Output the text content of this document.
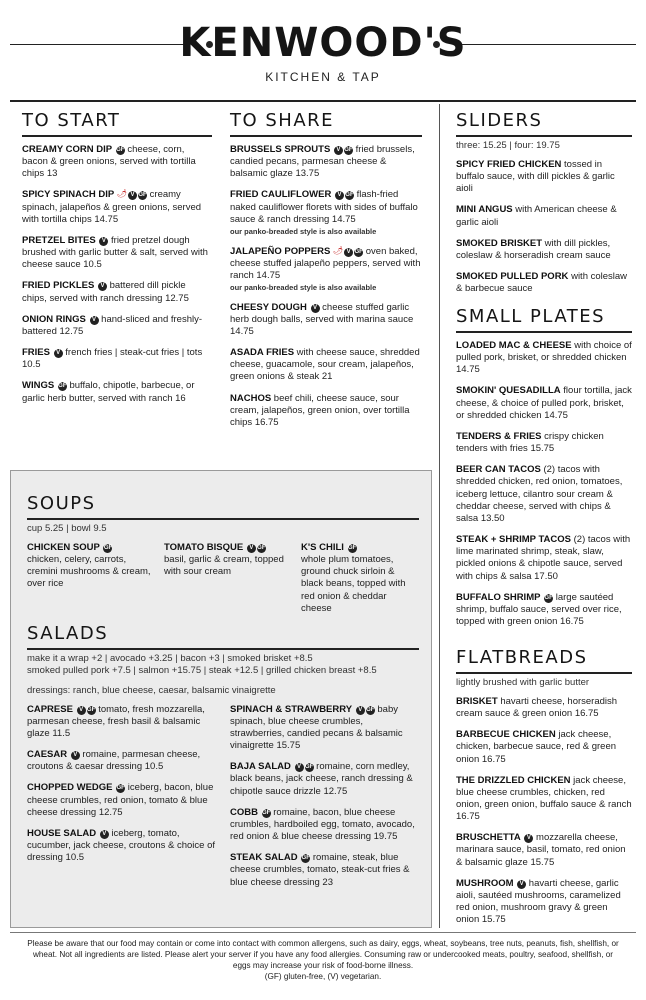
KENWOOD'S
KITCHEN & TAP
TO START
CREAMY CORN DIP GF cheese, corn, bacon & green onions, served with tortilla chips 13
SPICY SPINACH DIP 🌶 V GF creamy spinach, jalapeños & green onions, served with tortilla chips 14.75
PRETZEL BITES V fried pretzel dough brushed with garlic butter & salt, served with cheese sauce 10.5
FRIED PICKLES V battered dill pickle chips, served with ranch dressing 12.75
ONION RINGS V hand-sliced and freshly-battered 12.75
FRIES V french fries | steak-cut fries | tots 10.5
WINGS GF buffalo, chipotle, barbecue, or garlic herb butter, served with ranch 16
TO SHARE
BRUSSELS SPROUTS V GF fried brussels, candied pecans, parmesan cheese & balsamic glaze 13.75
FRIED CAULIFLOWER V GF flash-fried naked cauliflower florets with sides of buffalo sauce & ranch dressing 14.75
our panko-breaded style is also available
JALAPEÑO POPPERS 🌶 V GF oven baked, cheese stuffed jalapeño peppers, served with ranch 14.75
our panko-breaded style is also available
CHEESY DOUGH V cheese stuffed garlic herb dough balls, served with marina sauce 14.75
ASADA FRIES with cheese sauce, shredded cheese, guacamole, sour cream, jalapeños, green onions & steak 21
NACHOS beef chili, cheese sauce, sour cream, jalapeños, green onion, over tortilla chips 16.75
SLIDERS
three: 15.25 | four: 19.75
SPICY FRIED CHICKEN tossed in buffalo sauce, with dill pickles & garlic aioli
MINI ANGUS with American cheese & garlic aioli
SMOKED BRISKET with dill pickles, coleslaw & horseradish cream sauce
SMOKED PULLED PORK with coleslaw & barbecue sauce
SMALL PLATES
LOADED MAC & CHEESE with choice of pulled pork, brisket, or shredded chicken 14.75
SMOKIN' QUESADILLA flour tortilla, jack cheese, & choice of pulled pork, brisket, or shredded chicken 14.75
TENDERS & FRIES crispy chicken tenders with fries 15.75
BEER CAN TACOS (2) tacos with shredded chicken, red onion, tomatoes, iceberg lettuce, cilantro sour cream & cheddar cheese, served with chips & salsa 13.50
STEAK + SHRIMP TACOS (2) tacos with lime marinated shrimp, steak, slaw, pickled onions & chipotle sauce, served with chips & salsa 17.50
BUFFALO SHRIMP GF large sautéed shrimp, buffalo sauce, served over rice, topped with green onion 16.75
FLATBREADS
lightly brushed with garlic butter
BRISKET havarti cheese, horseradish cream sauce & green onion 16.75
BARBECUE CHICKEN jack cheese, chicken, barbecue sauce, red & green onion 16.75
THE DRIZZLED CHICKEN jack cheese, blue cheese crumbles, chicken, red onion, green onion, buffalo sauce & ranch 16.75
BRUSCHETTA V mozzarella cheese, marinara sauce, basil, tomato, red onion & balsamic glaze 15.75
MUSHROOM V havarti cheese, garlic aioli, sautéed mushrooms, caramelized red onion, mushroom gravy & green onion 15.75
SOUPS
cup 5.25 | bowl 9.5
CHICKEN SOUP GF
chicken, celery, carrots, cremini mushrooms & cream, over rice
TOMATO BISQUE V GF
basil, garlic & cream, topped with sour cream
K'S CHILI GF
whole plum tomatoes, ground chuck sirloin & black beans, topped with red onion & cheddar cheese
SALADS
make it a wrap +2 | avocado +3.25 | bacon +3 | smoked brisket +8.5
smoked pulled pork +7.5 | salmon +15.75 | steak +12.5 | grilled chicken breast +8.5
dressings: ranch, blue cheese, caesar, balsamic vinaigrette
CAPRESE V GF tomato, fresh mozzarella, parmesan cheese, fresh basil & balsamic glaze 11.5
CAESAR V romaine, parmesan cheese, croutons & caesar dressing 10.5
CHOPPED WEDGE GF iceberg, bacon, blue cheese crumbles, red onion, tomato & blue cheese dressing 12.75
HOUSE SALAD V iceberg, tomato, cucumber, jack cheese, croutons & choice of dressing 10.5
SPINACH & STRAWBERRY V GF baby spinach, blue cheese crumbles, strawberries, candied pecans & balsamic vinaigrette 15.75
BAJA SALAD V GF romaine, corn medley, black beans, jack cheese, ranch dressing & chipotle sauce drizzle 12.75
COBB GF romaine, bacon, blue cheese crumbles, hardboiled egg, tomato, avocado, red onion & blue cheese dressing 19.75
STEAK SALAD GF romaine, steak, blue cheese crumbles, tomato, steak-cut fries & blue cheese dressing 23
Please be aware that our food may contain or come into contact with common allergens, such as dairy, eggs, wheat, soybeans, tree nuts, peanuts, fish, shellfish, or
wheat. Not all ingredients are listed. Please alert your server if you have any food allergies. Consuming raw or undercooked meats, poultry, seafood, shellfish, or
eggs may increase your risk of food-borne illness.
(GF) gluten-free, (V) vegetarian.
